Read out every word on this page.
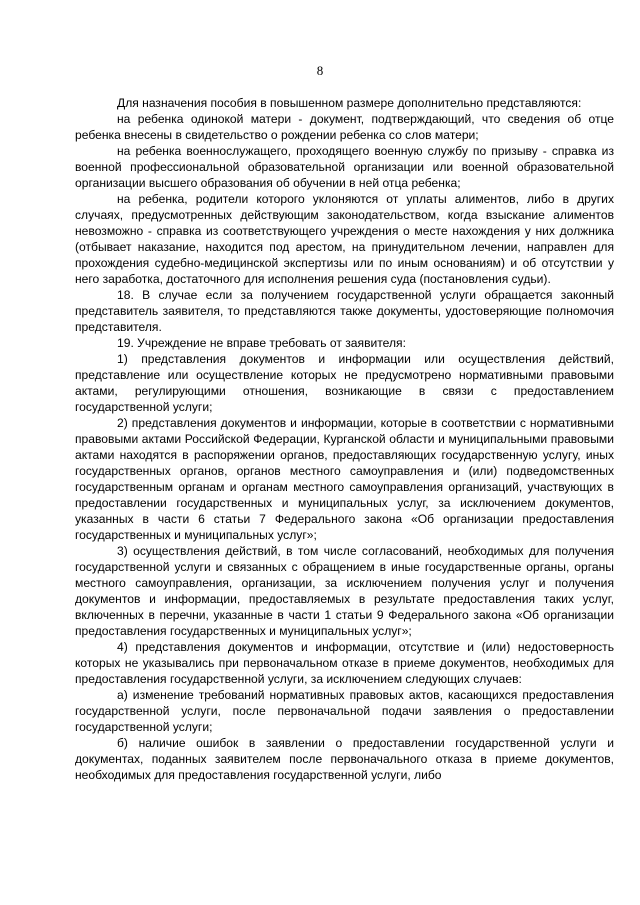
8

Для назначения пособия в повышенном размере дополнительно представляются:

на ребенка одинокой матери - документ, подтверждающий, что сведения об отце ребенка внесены в свидетельство о рождении ребенка со слов матери;

на ребенка военнослужащего, проходящего военную службу по призыву - справка из военной профессиональной образовательной организации или военной образовательной организации высшего образования об обучении в ней отца ребенка;

на ребенка, родители которого уклоняются от уплаты алиментов, либо в других случаях, предусмотренных действующим законодательством, когда взыскание алиментов невозможно - справка из соответствующего учреждения о месте нахождения у них должника (отбывает наказание, находится под арестом, на принудительном лечении, направлен для прохождения судебно-медицинской экспертизы или по иным основаниям) и об отсутствии у него заработка, достаточного для исполнения решения суда (постановления судьи).

18. В случае если за получением государственной услуги обращается законный представитель заявителя, то представляются также документы, удостоверяющие полномочия представителя.

19. Учреждение не вправе требовать от заявителя:

1) представления документов и информации или осуществления действий, представление или осуществление которых не предусмотрено нормативными правовыми актами, регулирующими отношения, возникающие в связи с предоставлением государственной услуги;

2) представления документов и информации, которые в соответствии с нормативными правовыми актами Российской Федерации, Курганской области и муниципальными правовыми актами находятся в распоряжении органов, предоставляющих государственную услугу, иных государственных органов, органов местного самоуправления и (или) подведомственных государственным органам и органам местного самоуправления организаций, участвующих в предоставлении государственных и муниципальных услуг, за исключением документов, указанных в части 6 статьи 7 Федерального закона «Об организации предоставления государственных и муниципальных услуг»;

3) осуществления действий, в том числе согласований, необходимых для получения государственной услуги и связанных с обращением в иные государственные органы, органы местного самоуправления, организации, за исключением получения услуг и получения документов и информации, предоставляемых в результате предоставления таких услуг, включенных в перечни, указанные в части 1 статьи 9 Федерального закона «Об организации предоставления государственных и муниципальных услуг»;

4) представления документов и информации, отсутствие и (или) недостоверность которых не указывались при первоначальном отказе в приеме документов, необходимых для предоставления государственной услуги, за исключением следующих случаев:

а) изменение требований нормативных правовых актов, касающихся предоставления государственной услуги, после первоначальной подачи заявления о предоставлении государственной услуги;

б) наличие ошибок в заявлении о предоставлении государственной услуги и документах, поданных заявителем после первоначального отказа в приеме документов, необходимых для предоставления государственной услуги, либо
